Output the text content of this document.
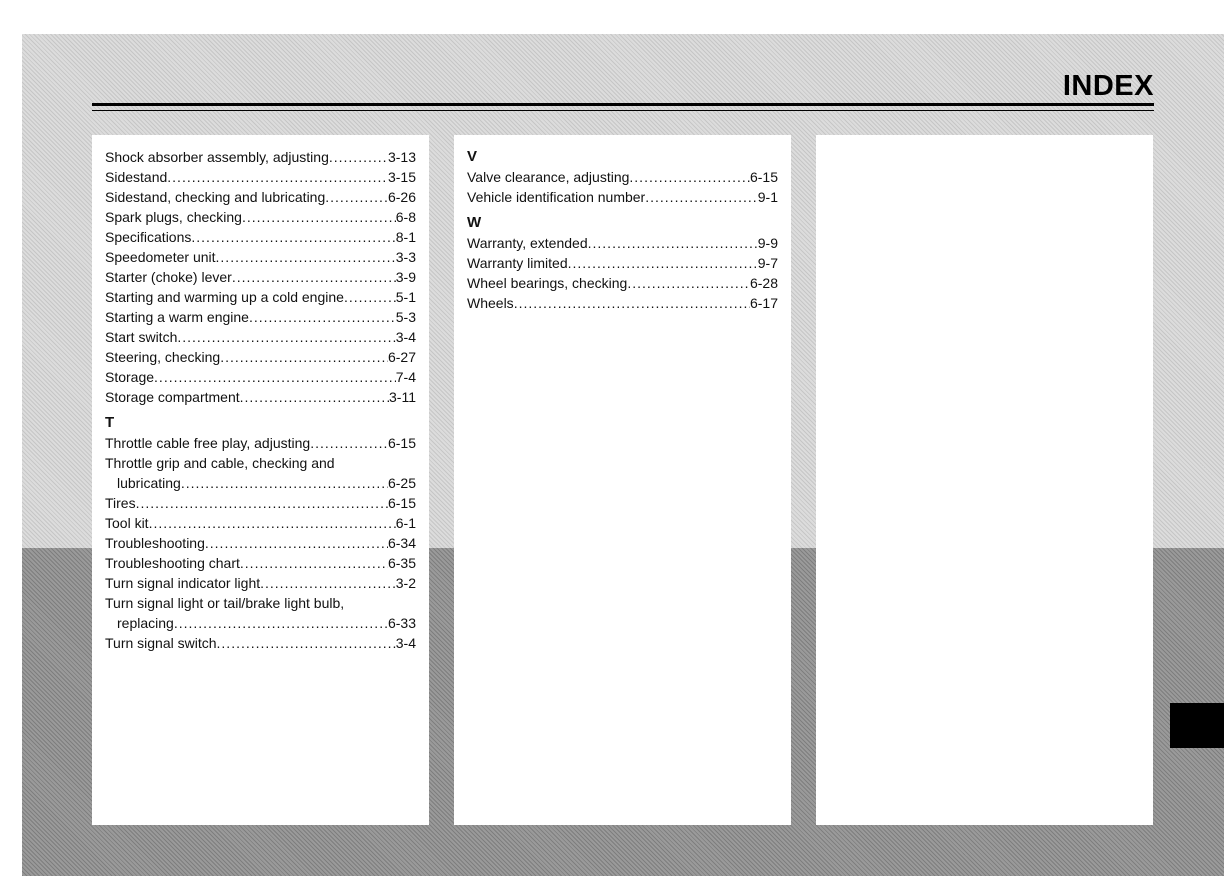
INDEX
Shock absorber assembly, adjusting .....	3-13
Sidestand .....	3-15
Sidestand, checking and lubricating .....	6-26
Spark plugs, checking .....	6-8
Specifications .....	8-1
Speedometer unit .....	3-3
Starter (choke) lever .....	3-9
Starting and warming up a cold engine .....	5-1
Starting a warm engine .....	5-3
Start switch .....	3-4
Steering, checking .....	6-27
Storage .....	7-4
Storage compartment .....	3-11
T
Throttle cable free play, adjusting .....	6-15
Throttle grip and cable, checking and
lubricating .....	6-25
Tires .....	6-15
Tool kit .....	6-1
Troubleshooting .....	6-34
Troubleshooting chart .....	6-35
Turn signal indicator light .....	3-2
Turn signal light or tail/brake light bulb,
replacing .....	6-33
Turn signal switch .....	3-4
V
Valve clearance, adjusting .....	6-15
Vehicle identification number .....	9-1
W
Warranty, extended .....	9-9
Warranty limited .....	9-7
Wheel bearings, checking .....	6-28
Wheels .....	6-17
